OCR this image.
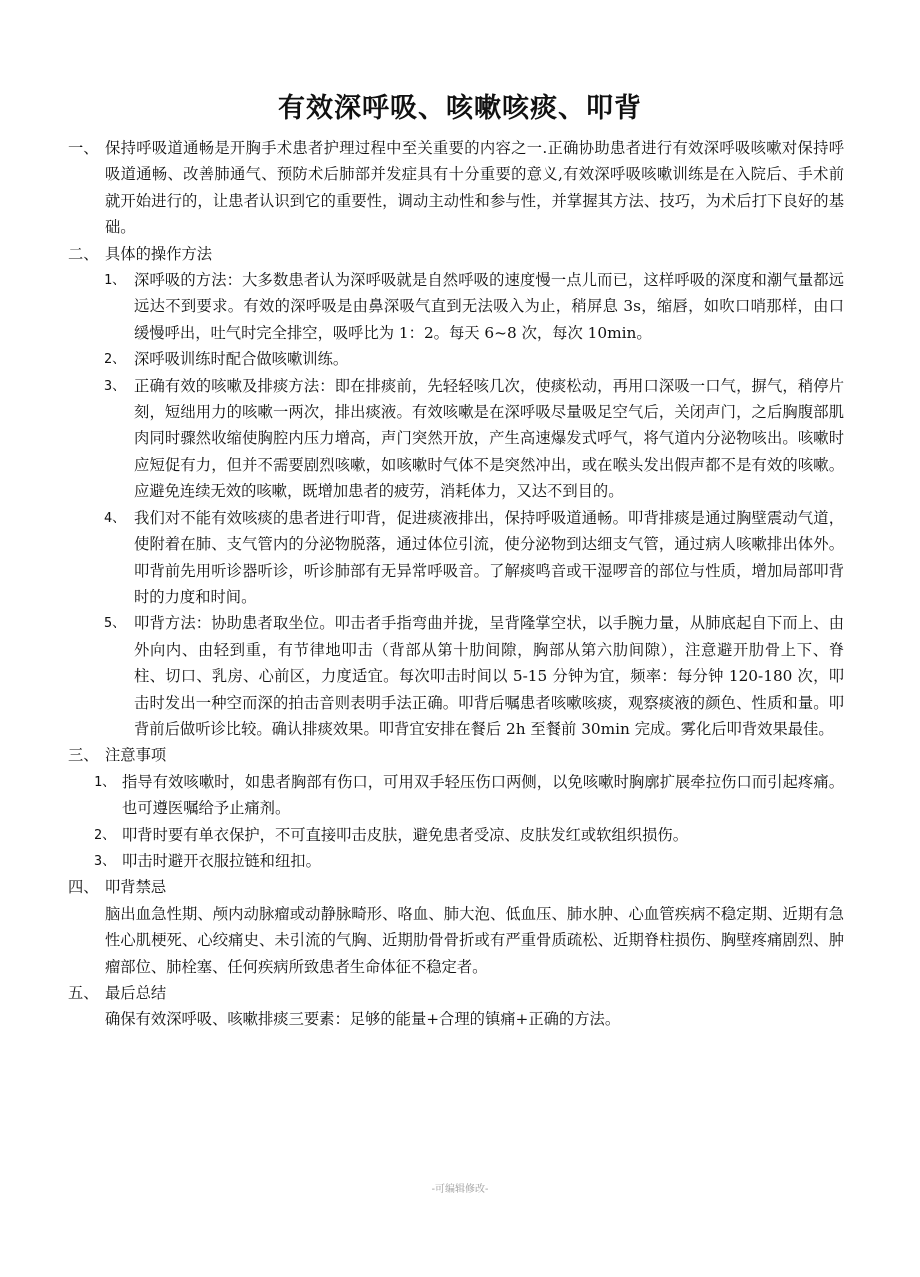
有效深呼吸、咳嗽咳痰、叩背
一、 保持呼吸道通畅是开胸手术患者护理过程中至关重要的内容之一.正确协助患者进行有效深呼吸咳嗽对保持呼吸道通畅、改善肺通气、预防术后肺部并发症具有十分重要的意义,有效深呼吸咳嗽训练是在入院后、手术前就开始进行的，让患者认识到它的重要性，调动主动性和参与性，并掌握其方法、技巧，为术后打下良好的基础。
二、 具体的操作方法
1、 深呼吸的方法：大多数患者认为深呼吸就是自然呼吸的速度慢一点儿而已，这样呼吸的深度和潮气量都远远达不到要求。有效的深呼吸是由鼻深吸气直到无法吸入为止，稍屏息 3s，缩唇，如吹口哨那样，由口缓慢呼出，吐气时完全排空，吸呼比为 1：2。每天 6~8 次，每次 10min。
2、 深呼吸训练时配合做咳嗽训练。
3、 正确有效的咳嗽及排痰方法：即在排痰前，先轻轻咳几次，使痰松动，再用口深吸一口气，摒气，稍停片刻，短绌用力的咳嗽一两次，排出痰液。有效咳嗽是在深呼吸尽量吸足空气后，关闭声门，之后胸腹部肌肉同时骤然收缩使胸腔内压力增高，声门突然开放，产生高速爆发式呼气，将气道内分泌物咳出。咳嗽时应短促有力，但并不需要剧烈咳嗽，如咳嗽时气体不是突然冲出，或在喉头发出假声都不是有效的咳嗽。应避免连续无效的咳嗽，既增加患者的疲劳，消耗体力，又达不到目的。
4、 我们对不能有效咳痰的患者进行叩背，促进痰液排出，保持呼吸道通畅。叩背排痰是通过胸壁震动气道，使附着在肺、支气管内的分泌物脱落，通过体位引流，使分泌物到达细支气管，通过病人咳嗽排出体外。叩背前先用听诊器听诊，听诊肺部有无异常呼吸音。了解痰鸣音或干湿啰音的部位与性质，增加局部叩背时的力度和时间。
5、 叩背方法：协助患者取坐位。叩击者手指弯曲并拢，呈背隆掌空状，以手腕力量，从肺底起自下而上、由外向内、由轻到重，有节律地叩击（背部从第十肋间隙，胸部从第六肋间隙），注意避开肋骨上下、脊柱、切口、乳房、心前区，力度适宜。每次叩击时间以 5-15 分钟为宜，频率：每分钟 120-180 次，叩击时发出一种空而深的拍击音则表明手法正确。叩背后嘱患者咳嗽咳痰，观察痰液的颜色、性质和量。叩背前后做听诊比较。确认排痰效果。叩背宜安排在餐后 2h 至餐前 30min 完成。雾化后叩背效果最佳。
三、 注意事项
1、 指导有效咳嗽时，如患者胸部有伤口，可用双手轻压伤口两侧，以免咳嗽时胸廓扩展牵拉伤口而引起疼痛。也可遵医嘱给予止痛剂。
2、 叩背时要有单衣保护，不可直接叩击皮肤，避免患者受凉、皮肤发红或软组织损伤。
3、 叩击时避开衣服拉链和纽扣。
四、 叩背禁忌
脑出血急性期、颅内动脉瘤或动静脉畸形、咯血、肺大泡、低血压、肺水肿、心血管疾病不稳定期、近期有急性心肌梗死、心绞痛史、未引流的气胸、近期肋骨骨折或有严重骨质疏松、近期脊柱损伤、胸壁疼痛剧烈、肿瘤部位、肺栓塞、任何疾病所致患者生命体征不稳定者。
五、 最后总结
确保有效深呼吸、咳嗽排痰三要素：足够的能量+合理的镇痛+正确的方法。
-可编辑修改-
